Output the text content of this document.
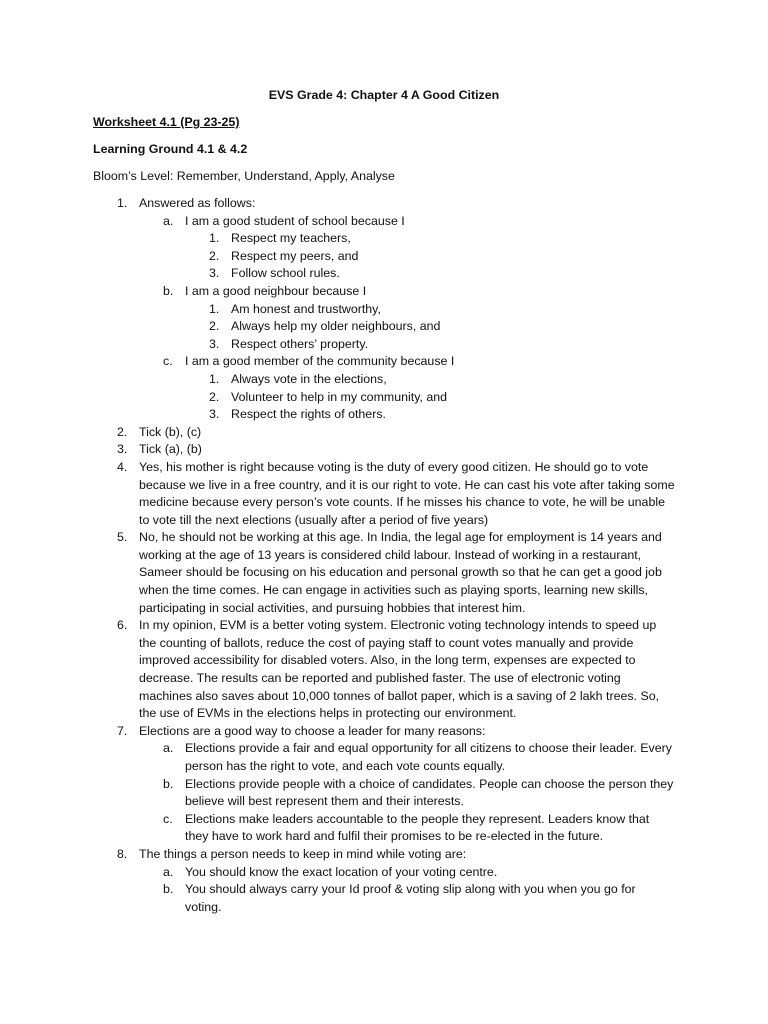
EVS Grade 4: Chapter 4 A Good Citizen
Worksheet 4.1 (Pg 23-25)
Learning Ground 4.1 & 4.2
Bloom’s Level: Remember, Understand, Apply, Analyse
1. Answered as follows:
a. I am a good student of school because I
1. Respect my teachers,
2. Respect my peers, and
3. Follow school rules.
b. I am a good neighbour because I
1. Am honest and trustworthy,
2. Always help my older neighbours, and
3. Respect others’ property.
c. I am a good member of the community because I
1. Always vote in the elections,
2. Volunteer to help in my community, and
3. Respect the rights of others.
2. Tick (b), (c)
3. Tick (a), (b)
4. Yes, his mother is right because voting is the duty of every good citizen. He should go to vote because we live in a free country, and it is our right to vote. He can cast his vote after taking some medicine because every person’s vote counts. If he misses his chance to vote, he will be unable to vote till the next elections (usually after a period of five years)
5. No, he should not be working at this age. In India, the legal age for employment is 14 years and working at the age of 13 years is considered child labour. Instead of working in a restaurant, Sameer should be focusing on his education and personal growth so that he can get a good job when the time comes. He can engage in activities such as playing sports, learning new skills, participating in social activities, and pursuing hobbies that interest him.
6. In my opinion, EVM is a better voting system. Electronic voting technology intends to speed up the counting of ballots, reduce the cost of paying staff to count votes manually and provide improved accessibility for disabled voters. Also, in the long term, expenses are expected to decrease. The results can be reported and published faster. The use of electronic voting machines also saves about 10,000 tonnes of ballot paper, which is a saving of 2 lakh trees. So, the use of EVMs in the elections helps in protecting our environment.
7. Elections are a good way to choose a leader for many reasons:
a. Elections provide a fair and equal opportunity for all citizens to choose their leader. Every person has the right to vote, and each vote counts equally.
b. Elections provide people with a choice of candidates. People can choose the person they believe will best represent them and their interests.
c. Elections make leaders accountable to the people they represent. Leaders know that they have to work hard and fulfil their promises to be re-elected in the future.
8. The things a person needs to keep in mind while voting are:
a. You should know the exact location of your voting centre.
b. You should always carry your Id proof & voting slip along with you when you go for voting.
